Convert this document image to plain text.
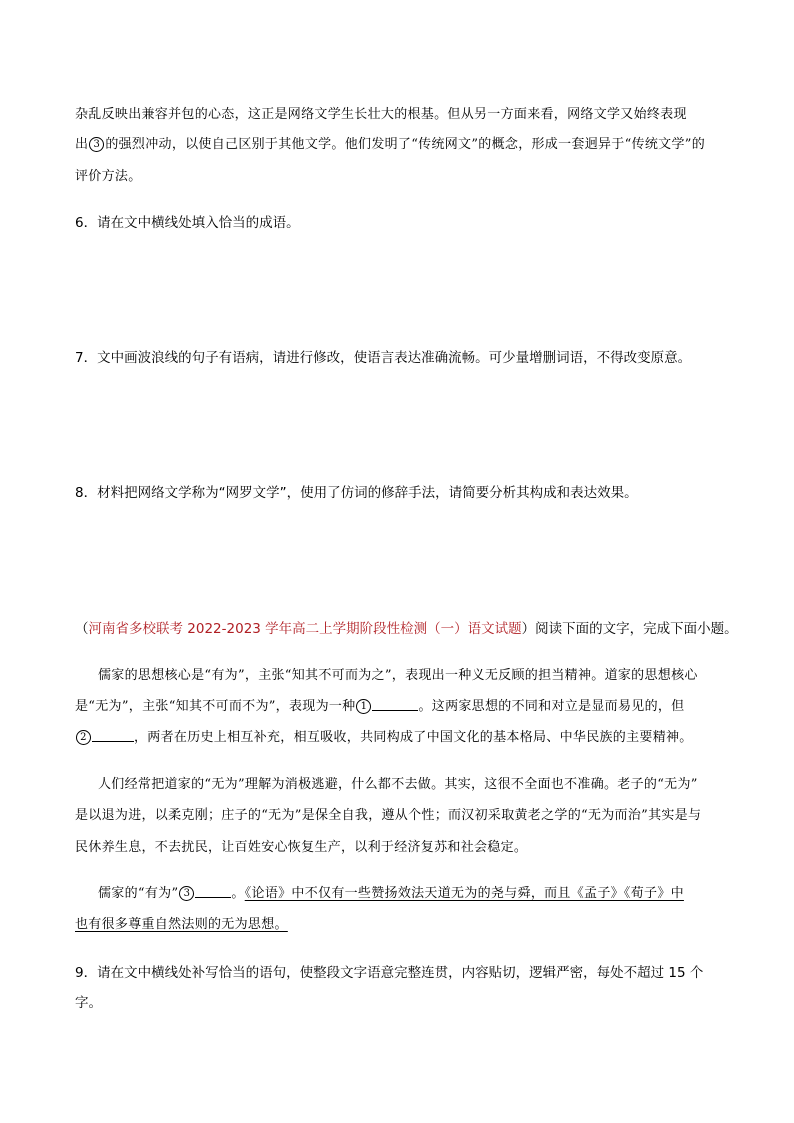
杂乱反映出兼容并包的心态，这正是网络文学生长壮大的根基。但从另一方面来看，网络文学又始终表现
出 3 的强烈冲动，以使自己区别于其他文学。他们发明了“传统网文”的概念，形成一套迥异于“传统文学”的
评价方法。
6．请在文中横线处填入恰当的成语。
7．文中画波浪线的句子有语病，请进行修改，使语言表达准确流畅。可少量增删词语，不得改变原意。
8．材料把网络文学称为“网罗文学”，使用了仿词的修辞手法，请简要分析其构成和表达效果。
（河南省多校联考 2022-2023 学年高二上学期阶段性检测（一）语文试题）阅读下面的文字，完成下面小题。
儒家的思想核心是“有为”，主张“知其不可而为之”，表现出一种义无反顾的担当精神。道家的思想核心
是“无为”，主张“知其不可而不为”，表现为一种 1	。这两家思想的不同和对立是显而易见的，但
2	，两者在历史上相互补充，相互吸收，共同构成了中国文化的基本格局、中华民族的主要精神。
人们经常把道家的“无为”理解为消极逃避，什么都不去做。其实，这很不全面也不准确。老子的“无为”
是以退为进，以柔克刚；庄子的“无为”是保全自我，遵从个性；而汉初采取黄老之学的“无为而治”其实是与
民休养生息，不去扰民，让百姓安心恢复生产，以利于经济复苏和社会稳定。
儒家的“有为” 3	。《论语》中不仅有一些赞扬效法天道无为的尧与舜，而且《孟子》《荀子》中
也有很多尊重自然法则的无为思想。
9．请在文中横线处补写恰当的语句，使整段文字语意完整连贯，内容贴切，逻辑严密，每处不超过 15 个
字。
